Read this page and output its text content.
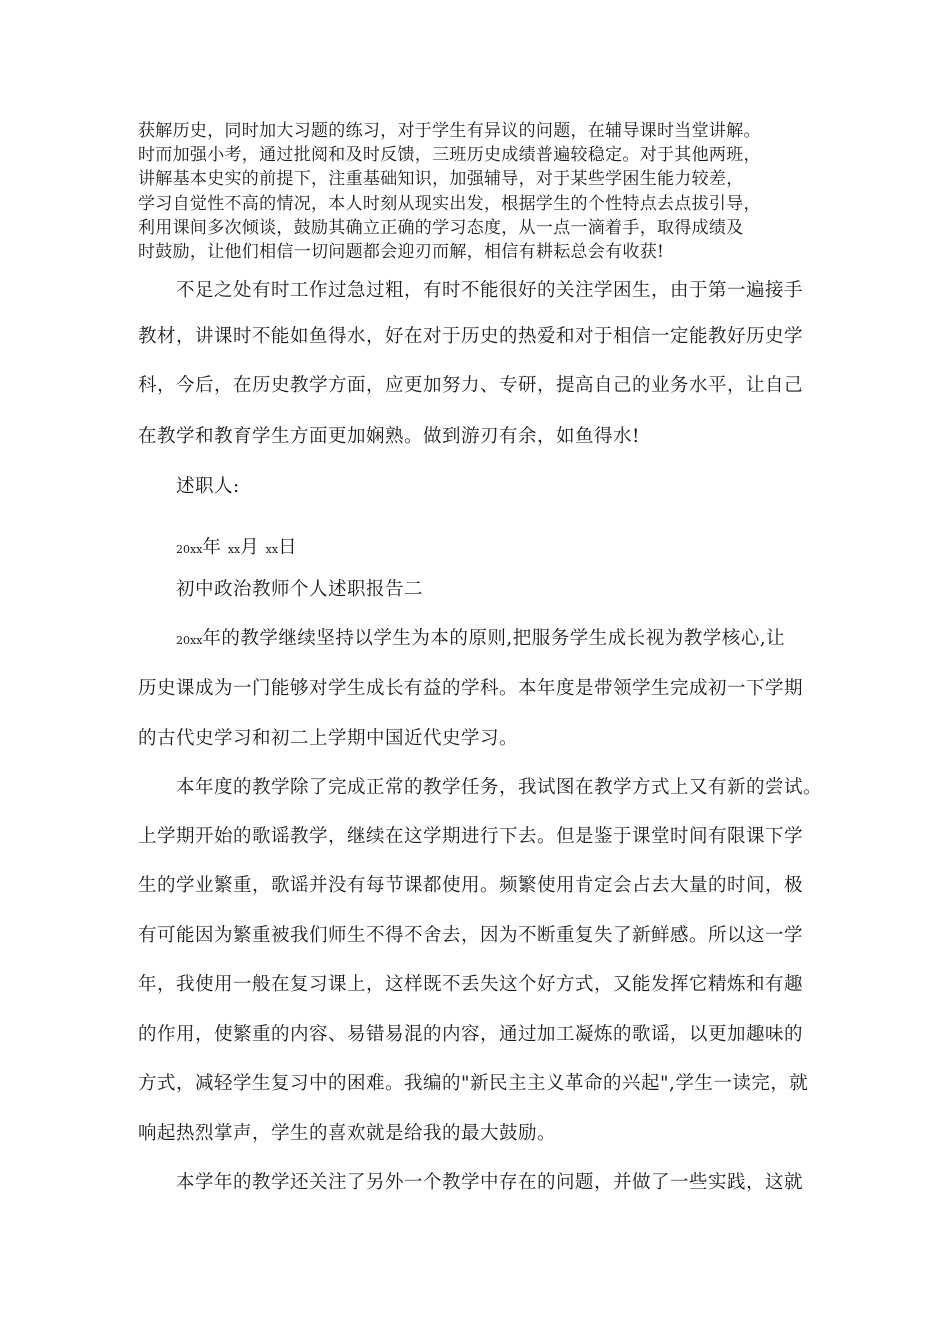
获解历史，同时加大习题的练习，对于学生有异议的问题，在辅导课时当堂讲解。
时而加强小考，通过批阅和及时反馈，三班历史成绩普遍较稳定。对于其他两班，
讲解基本史实的前提下，注重基础知识，加强辅导，对于某些学困生能力较差，
学习自觉性不高的情况，本人时刻从现实出发，根据学生的个性特点去点拔引导，
利用课间多次倾谈，鼓励其确立正确的学习态度，从一点一滴着手，取得成绩及
时鼓励，让他们相信一切问题都会迎刃而解，相信有耕耘总会有收获!
不足之处有时工作过急过粗，有时不能很好的关注学困生，由于第一遍接手
教材，讲课时不能如鱼得水，好在对于历史的热爱和对于相信一定能教好历史学
科，今后，在历史教学方面，应更加努力、专研，提高自己的业务水平，让自己
在教学和教育学生方面更加娴熟。做到游刃有余，如鱼得水!
述职人:
20xx年 xx月 xx日
初中政治教师个人述职报告二
20xx年的教学继续坚持以学生为本的原则,把服务学生成长视为教学核心,让
历史课成为一门能够对学生成长有益的学科。本年度是带领学生完成初一下学期
的古代史学习和初二上学期中国近代史学习。
本年度的教学除了完成正常的教学任务，我试图在教学方式上又有新的尝试。
上学期开始的歌谣教学，继续在这学期进行下去。但是鉴于课堂时间有限课下学
生的学业繁重，歌谣并没有每节课都使用。频繁使用肯定会占去大量的时间，极
有可能因为繁重被我们师生不得不舍去，因为不断重复失了新鲜感。所以这一学
年，我使用一般在复习课上，这样既不丢失这个好方式，又能发挥它精炼和有趣
的作用，使繁重的内容、易错易混的内容，通过加工凝炼的歌谣，以更加趣味的
方式，减轻学生复习中的困难。我编的"新民主主义革命的兴起",学生一读完，就
响起热烈掌声，学生的喜欢就是给我的最大鼓励。
本学年的教学还关注了另外一个教学中存在的问题，并做了一些实践，这就
